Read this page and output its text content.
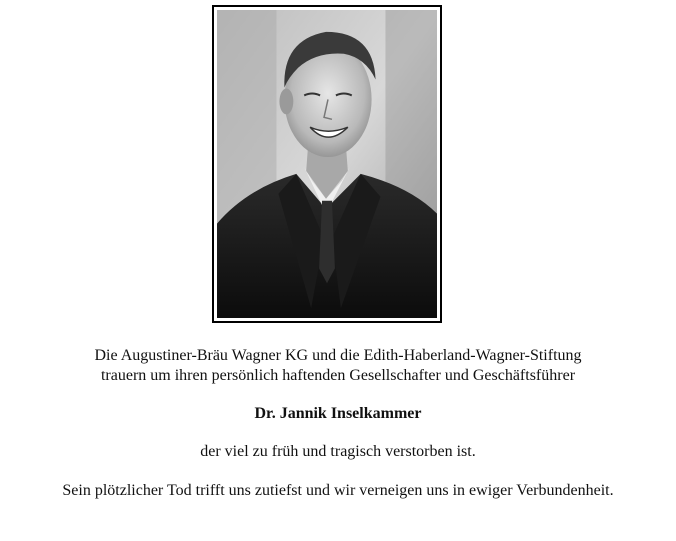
Die Augustiner-Bräu Wagner KG und die Edith-Haberland-Wagner-Stiftung
trauern um ihren persönlich haftenden Gesellschafter und Geschäftsführer
Dr. Jannik Inselkammer
der viel zu früh und tragisch verstorben ist.
Sein plötzlicher Tod trifft uns zutiefst und wir verneigen uns in ewiger Verbundenheit.
